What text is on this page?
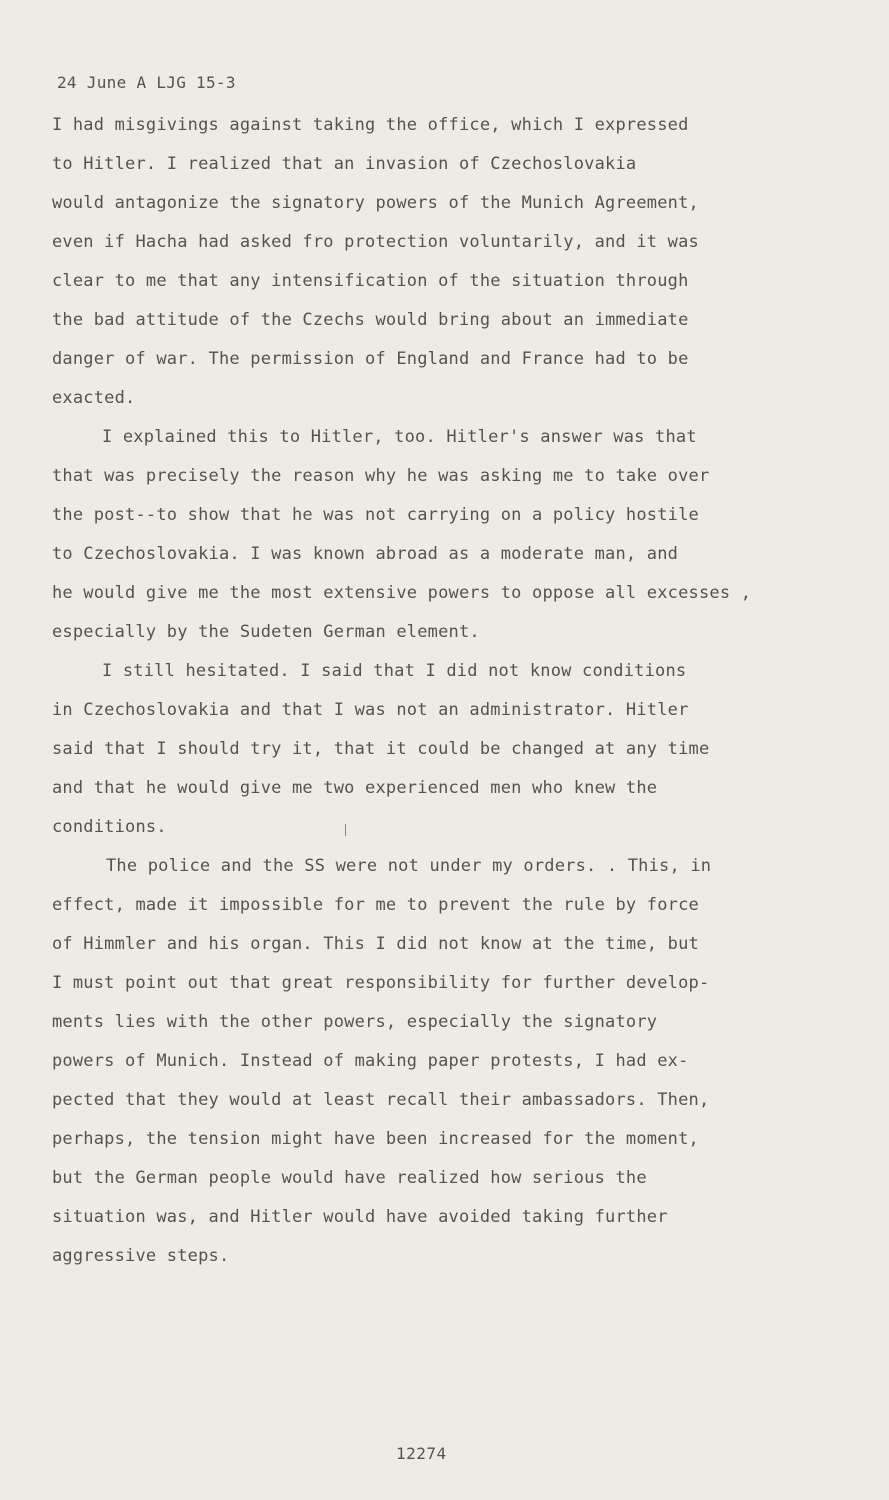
24 June A LJG 15-3

I had misgivings against taking the office, which I expressed

to Hitler. I realized that an invasion of Czechoslovakia

would antagonize the signatory powers of the Munich Agreement,

even if Hacha had asked fro protection voluntarily, and it was

clear to me that any intensification of the situation through

the bad attitude of the Czechs would bring about an immediate

danger of war. The permission of England and France had to be

exacted.

I explained this to Hitler, too. Hitler's answer was that

that was precisely the reason why he was asking me to take over

the post--to show that he was not carrying on a policy hostile

to Czechoslovakia. I was known abroad as a moderate man, and

he would give me the most extensive powers to oppose all excesses ,

especially by the Sudeten German element.

I still hesitated. I said that I did not know conditions

in Czechoslovakia and that I was not an administrator. Hitler

said that I should try it, that it could be changed at any time

and that he would give me two experienced men who knew the

conditions.

The police and the SS were not under my orders. . This, in

effect, made it impossible for me to prevent the rule by force

of Himmler and his organ. This I did not know at the time, but

I must point out that great responsibility for further develop-

ments lies with the other powers, especially the signatory

powers of Munich. Instead of making paper protests, I had ex-

pected that they would at least recall their ambassadors. Then,

perhaps, the tension might have been increased for the moment,

but the German people would have realized how serious the

situation was, and Hitler would have avoided taking further

aggressive steps.

12274
